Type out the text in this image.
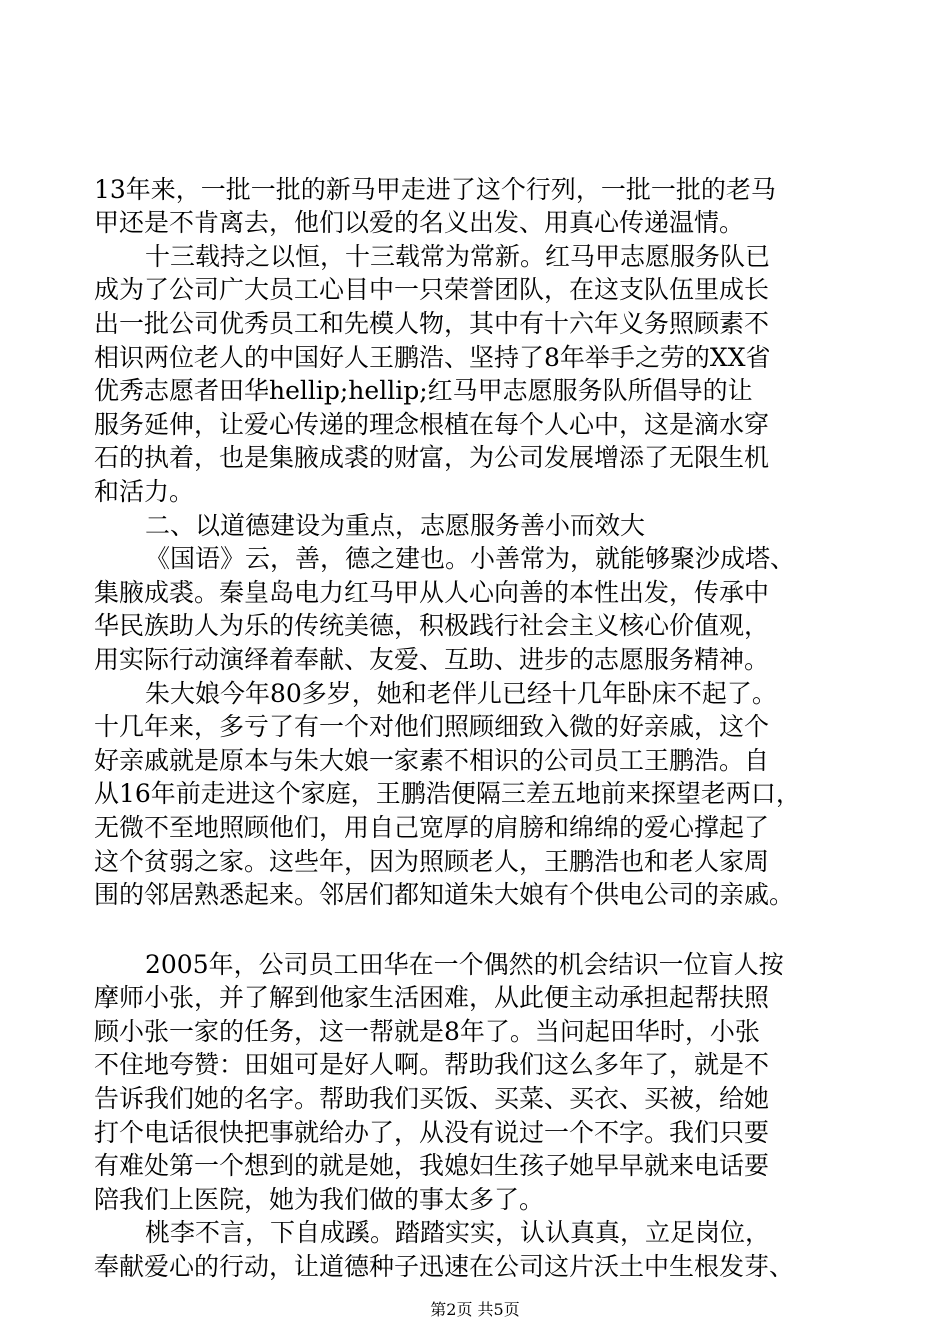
13年来，一批一批的新马甲走进了这个行列，一批一批的老马
甲还是不肯离去，他们以爱的名义出发、用真心传递温情。
十三载持之以恒，十三载常为常新。红马甲志愿服务队已
成为了公司广大员工心目中一只荣誉团队，在这支队伍里成长
出一批公司优秀员工和先模人物，其中有十六年义务照顾素不
相识两位老人的中国好人王鹏浩、坚持了8年举手之劳的XX省
优秀志愿者田华hellip;hellip;红马甲志愿服务队所倡导的让
服务延伸，让爱心传递的理念根植在每个人心中，这是滴水穿
石的执着，也是集腋成裘的财富，为公司发展增添了无限生机
和活力。
二、以道德建设为重点，志愿服务善小而效大
《国语》云，善，德之建也。小善常为，就能够聚沙成塔、
集腋成裘。秦皇岛电力红马甲从人心向善的本性出发，传承中
华民族助人为乐的传统美德，积极践行社会主义核心价值观，
用实际行动演绎着奉献、友爱、互助、进步的志愿服务精神。
朱大娘今年80多岁，她和老伴儿已经十几年卧床不起了。
十几年来，多亏了有一个对他们照顾细致入微的好亲戚，这个
好亲戚就是原本与朱大娘一家素不相识的公司员工王鹏浩。自
从16年前走进这个家庭，王鹏浩便隔三差五地前来探望老两口，
无微不至地照顾他们，用自己宽厚的肩膀和绵绵的爱心撑起了
这个贫弱之家。这些年，因为照顾老人，王鹏浩也和老人家周
围的邻居熟悉起来。邻居们都知道朱大娘有个供电公司的亲戚。
2005年，公司员工田华在一个偶然的机会结识一位盲人按
摩师小张，并了解到他家生活困难，从此便主动承担起帮扶照
顾小张一家的任务，这一帮就是8年了。当问起田华时，小张
不住地夸赞：田姐可是好人啊。帮助我们这么多年了，就是不
告诉我们她的名字。帮助我们买饭、买菜、买衣、买被，给她
打个电话很快把事就给办了，从没有说过一个不字。我们只要
有难处第一个想到的就是她，我媳妇生孩子她早早就来电话要
陪我们上医院，她为我们做的事太多了。
桃李不言，下自成蹊。踏踏实实，认认真真，立足岗位，
奉献爱心的行动，让道德种子迅速在公司这片沃土中生根发芽、
第2页 共5页
